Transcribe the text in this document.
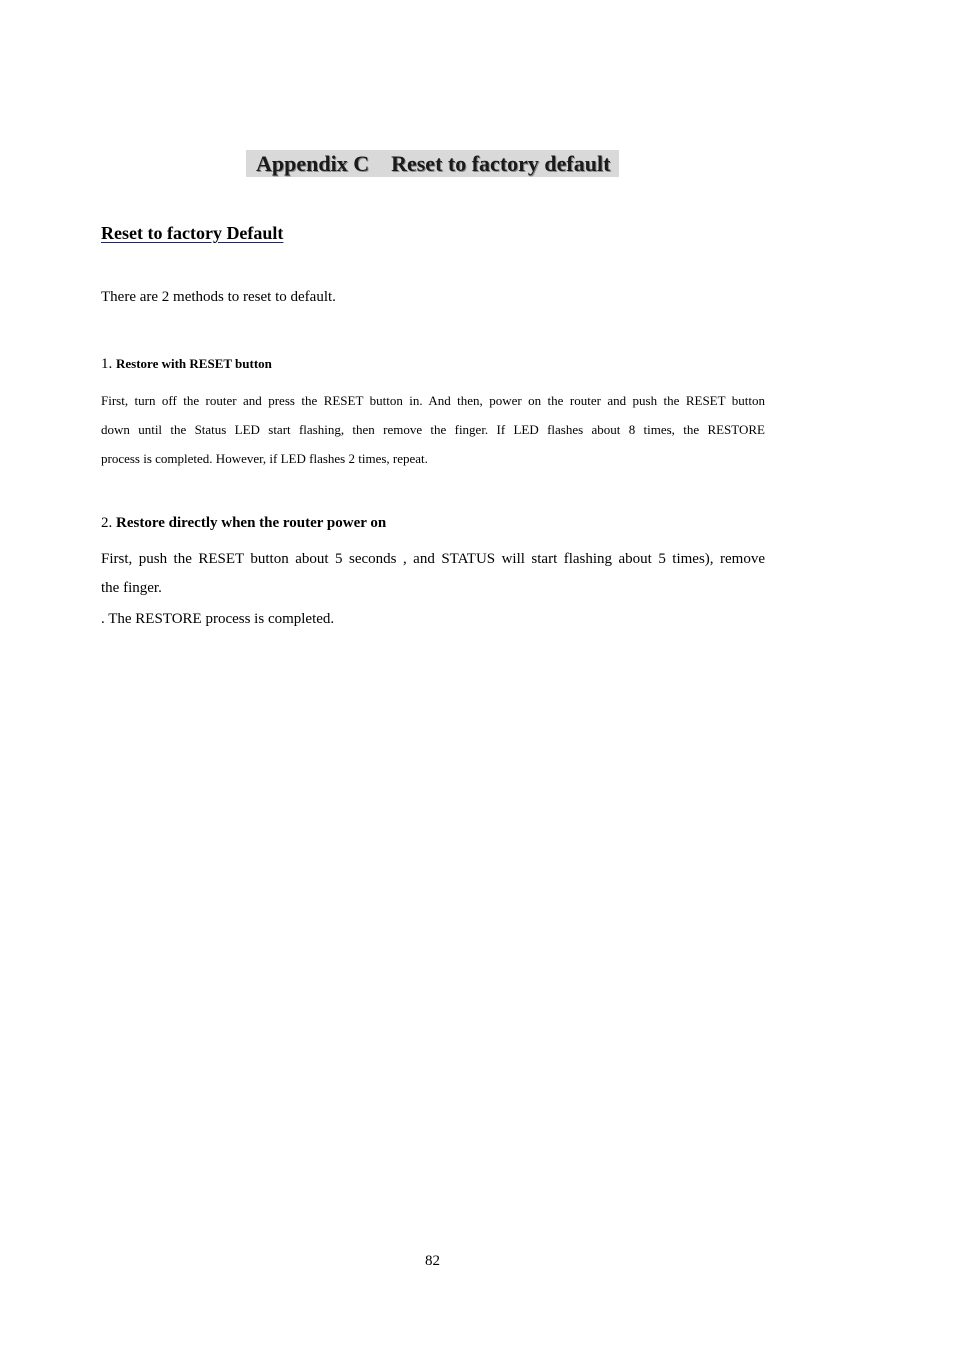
Appendix C Reset to factory default
Reset to factory Default
There are 2 methods to reset to default.
1. Restore with RESET button
First, turn off the router and press the RESET button in. And then, power on the router and push the RESET button
down until the Status LED start flashing, then remove the finger. If LED flashes about 8 times, the RESTORE
process is completed. However, if LED flashes 2 times, repeat.
2. Restore directly when the router power on
First, push the RESET button about 5 seconds , and STATUS will start flashing about 5 times), remove
the finger.
. The RESTORE process is completed.
82
